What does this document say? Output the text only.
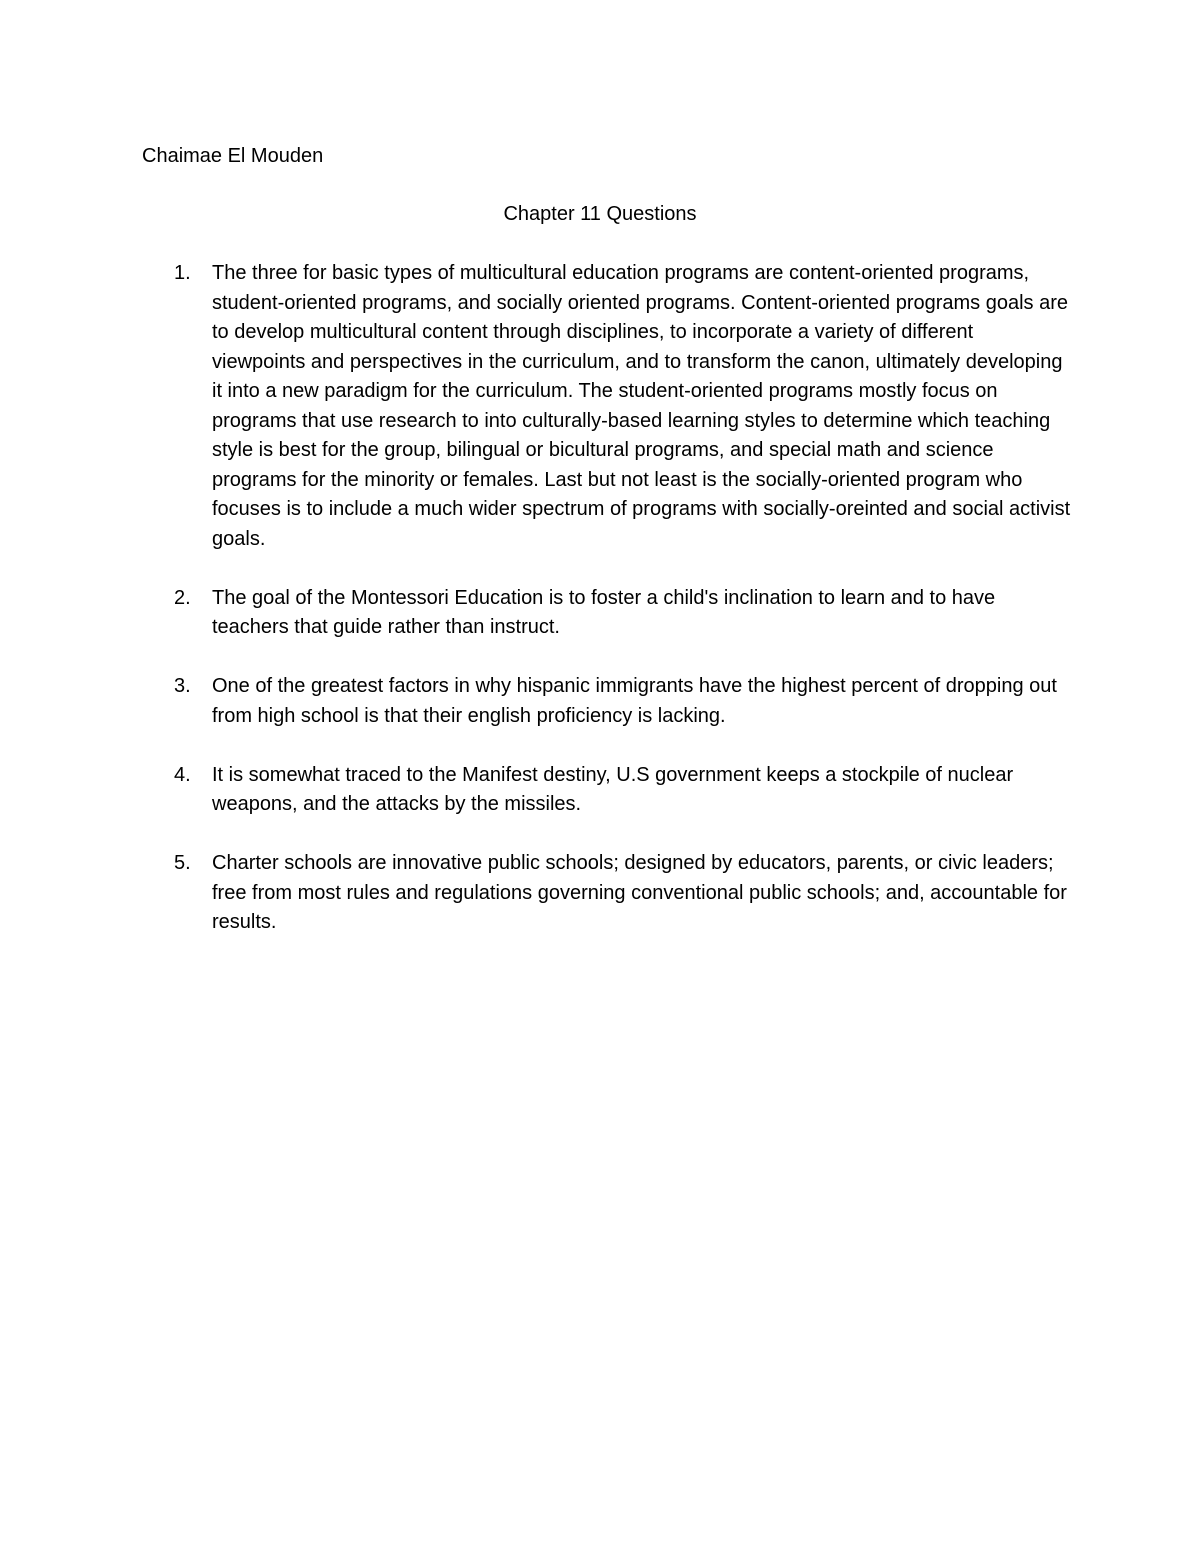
Chaimae El Mouden
Chapter 11 Questions
1. The three for basic types of multicultural education programs are content-oriented programs, student-oriented programs, and socially oriented programs. Content-oriented programs goals are to develop multicultural content through disciplines, to incorporate a variety of different viewpoints and perspectives in the curriculum, and to transform the canon, ultimately developing it into a new paradigm for the curriculum. The student-oriented programs mostly focus on programs that use research to into culturally-based learning styles to determine which teaching style is best for the group, bilingual or bicultural programs, and special math and science programs for the minority or females. Last but not least is the socially-oriented program who focuses is to include a much wider spectrum of programs with socially-oreinted and social activist goals.
2. The goal of the Montessori Education is to foster a child's inclination to learn and to have teachers that guide rather than instruct.
3. One of the greatest factors in why hispanic immigrants have the highest percent of dropping out from high school is that their english proficiency is lacking.
4. It is somewhat traced to the Manifest destiny, U.S government keeps a stockpile of nuclear weapons, and the attacks by the missiles.
5. Charter schools are innovative public schools; designed by educators, parents, or civic leaders; free from most rules and regulations governing conventional public schools; and, accountable for results.
